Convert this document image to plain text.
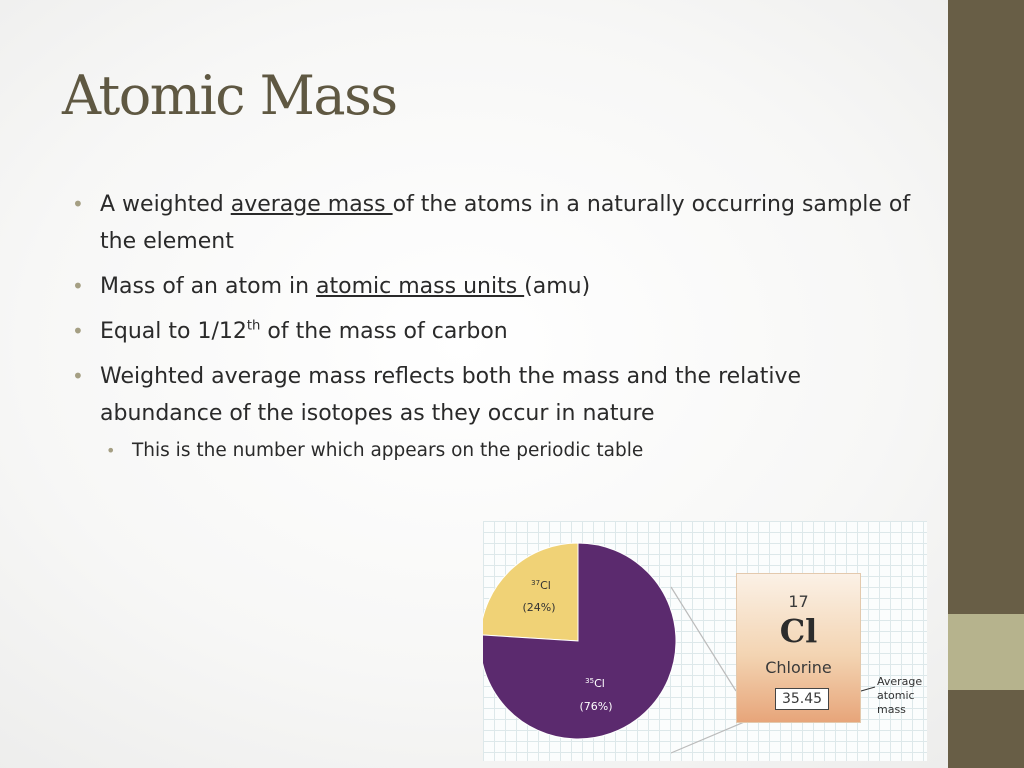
Atomic Mass
• A weighted average mass of the atoms in a naturally occurring sample of the element
• Mass of an atom in atomic mass units (amu)
• Equal to 1/12th of the mass of carbon
• Weighted average mass reflects both the mass and the relative abundance of the isotopes as they occur in nature
• This is the number which appears on the periodic table
$^{37}$Cl
(24%)
$^{35}$Cl
(76%)
17
Cl
Chlorine
35.45
Average
atomic
mass
